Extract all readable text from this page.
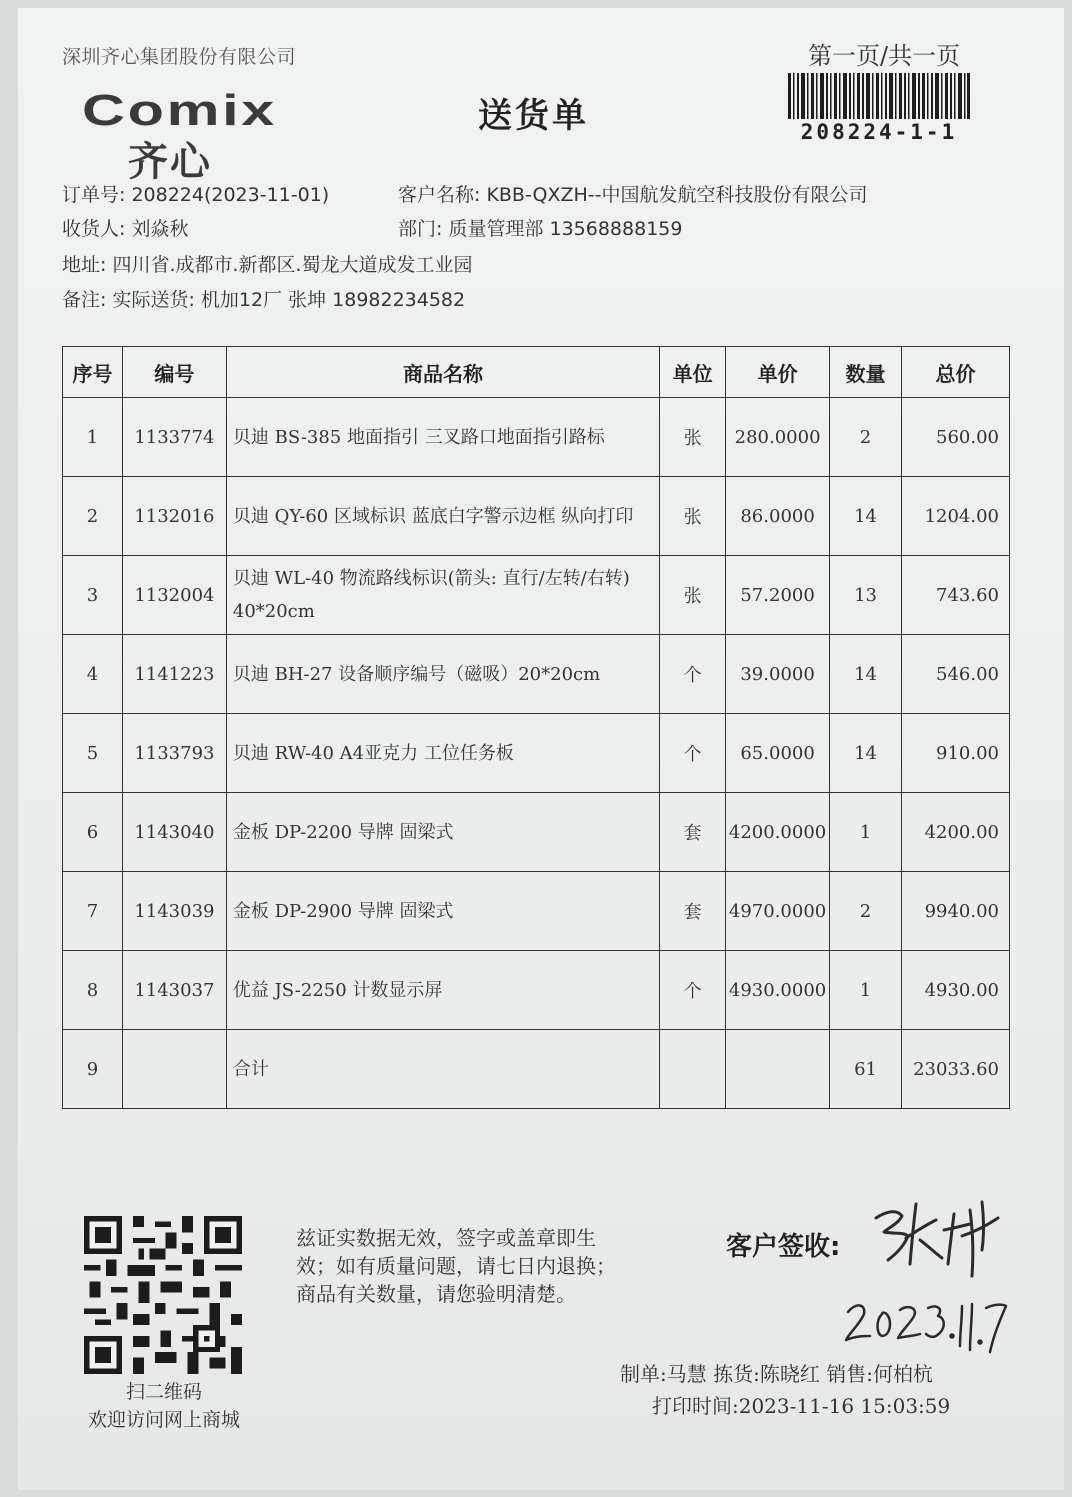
深圳齐心集团股份有限公司	第一页/共一页
208224-1-1
Comix
齐心
送货单
订单号: 208224(2023-11-01)	客户名称: KBB-QXZH--中国航发航空科技股份有限公司
收货人: 刘焱秋	部门: 质量管理部 13568888159
地址: 四川省.成都市.新都区.蜀龙大道成发工业园
备注: 实际送货: 机加12厂 张坤 18982234582
序号	编号	商品名称	单位	单价	数量	总价
1	1133774	贝迪 BS-385 地面指引 三叉路口地面指引路标	张	280.0000	2	560.00
2	1132016	贝迪 QY-60 区域标识 蓝底白字警示边框 纵向打印	张	86.0000	14	1204.00
3	1132004	贝迪 WL-40 物流路线标识(箭头: 直行/左转/右转) 40*20cm	张	57.2000	13	743.60
4	1141223	贝迪 BH-27 设备顺序编号（磁吸）20*20cm	个	39.0000	14	546.00
5	1133793	贝迪 RW-40 A4亚克力 工位任务板	个	65.0000	14	910.00
6	1143040	金板 DP-2200 导牌 固梁式	套	4200.0000	1	4200.00
7	1143039	金板 DP-2900 导牌 固梁式	套	4970.0000	2	9940.00
8	1143037	优益 JS-2250 计数显示屏	个	4930.0000	1	4930.00
9		合计			61	23033.60
扫二维码
欢迎访问网上商城
兹证实数据无效，签字或盖章即生
效；如有质量问题，请七日内退换；
商品有关数量，请您验明清楚。
客户签收:
制单:马慧 拣货:陈晓红 销售:何柏杭
打印时间:2023-11-16 15:03:59
